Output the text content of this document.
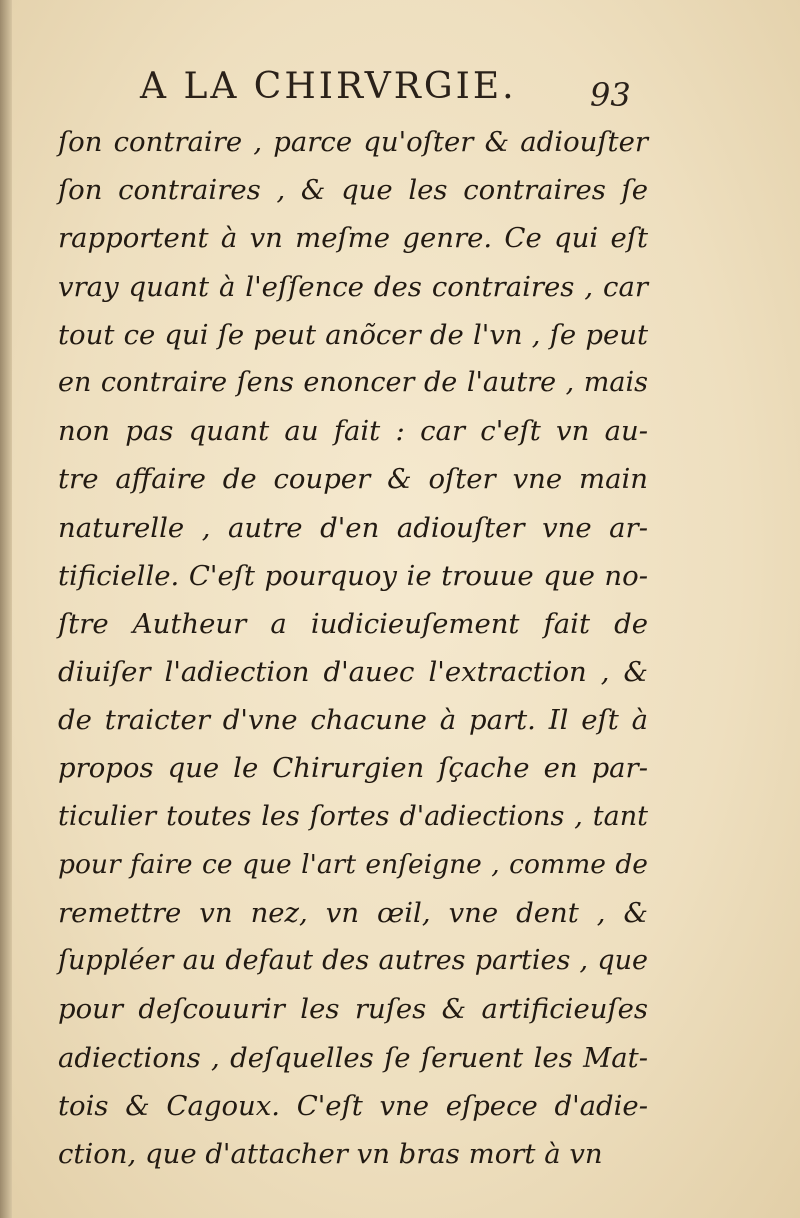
A LA CHIRVRGIE. 93
ſon contraire , parce qu'oſter & adiouſter
ſon contraires , & que les contraires ſe
rapportent à vn meſme genre. Ce qui eſt
vray quant à l'eſſence des contraires , car
tout ce qui ſe peut anõcer de l'vn , ſe peut
en contraire ſens enoncer de l'autre , mais
non pas quant au fait : car c'eſt vn au-
tre affaire de couper & oſter vne main
naturelle , autre d'en adiouſter vne ar-
tificielle. C'eſt pourquoy ie trouue que no-
ſtre Autheur a iudicieuſement fait de
diuiſer l'adiection d'auec l'extraction , &
de traicter d'vne chacune à part. Il eſt à
propos que le Chirurgien ſçache en par-
ticulier toutes les ſortes d'adiections , tant
pour faire ce que l'art enſeigne , comme de
remettre vn nez, vn œil, vne dent , &
ſuppléer au defaut des autres parties , que
pour deſcouurir les ruſes & artificieuſes
adiections , deſquelles ſe ſeruent les Mat-
tois & Cagoux. C'eſt vne eſpece d'adie-
ction, que d'attacher vn bras mort à vn
